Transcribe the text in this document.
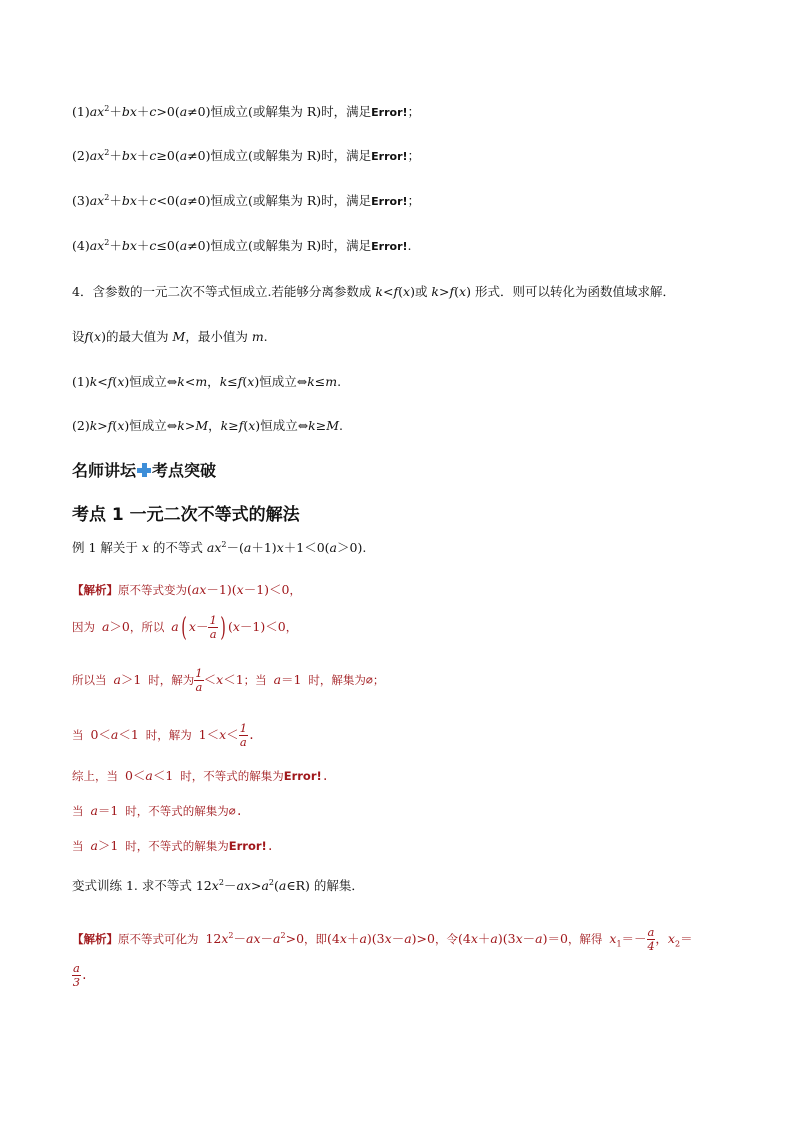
$(1)ax^2+bx+c>0(a\ne 0)$恒成立(或解集为 R)时，满足Error!；
$(2)ax^2+bx+c\ge 0(a\ne 0)$恒成立(或解集为 R)时，满足Error!；
$(3)ax^2+bx+c<0(a\ne 0)$恒成立(或解集为 R)时，满足Error!；
$(4)ax^2+bx+c\le 0(a\ne 0)$恒成立(或解集为 R)时，满足Error!.
4．含参数的一元二次不等式恒成立.若能够分离参数成 k<f(x)或 k>f(x) 形式．则可以转化为函数值域求解．
设f(x)的最大值为 M，最小值为 m.
(1)k<f(x)恒成立⇔k<m，k≤f(x)恒成立⇔k≤m.
(2)k>f(x)恒成立⇔k>M，k≥f(x)恒成立⇔k≥M.
名师讲坛 考点突破
考点 1 一元二次不等式的解法
例 1 解关于 x 的不等式 $ax^2-(a+1)x+1<0(a>0)$.
【解析】原不等式变为(ax－1)(x－1)＜0，
因为 a＞0，所以 a( $x- \frac{1}{a}$ ) (x－1)＜0，
所以当 a＞1 时，解为 $\frac{1}{a} <x<1$；当 a＝1 时，解集为∅；
当 0＜a＜1 时，解为 $1<x< \frac{1}{a}$ .
综上，当 0＜a＜1 时，不等式的解集为Error!.
当 a＝1 时，不等式的解集为∅.
当 a＞1 时，不等式的解集为Error!.
变式训练 1. 求不等式 $12x^2-ax>a^2(a\in R)$ 的解集．
【解析】原不等式可化为 $12x^2-ax-a^2>0$，即(4x＋a)(3x－a)>0，令(4x＋a)(3x－a)＝0，解得 $x_1=- \frac{a}{4}$ ，$x_2=$
$\frac{a}{3}$ .
